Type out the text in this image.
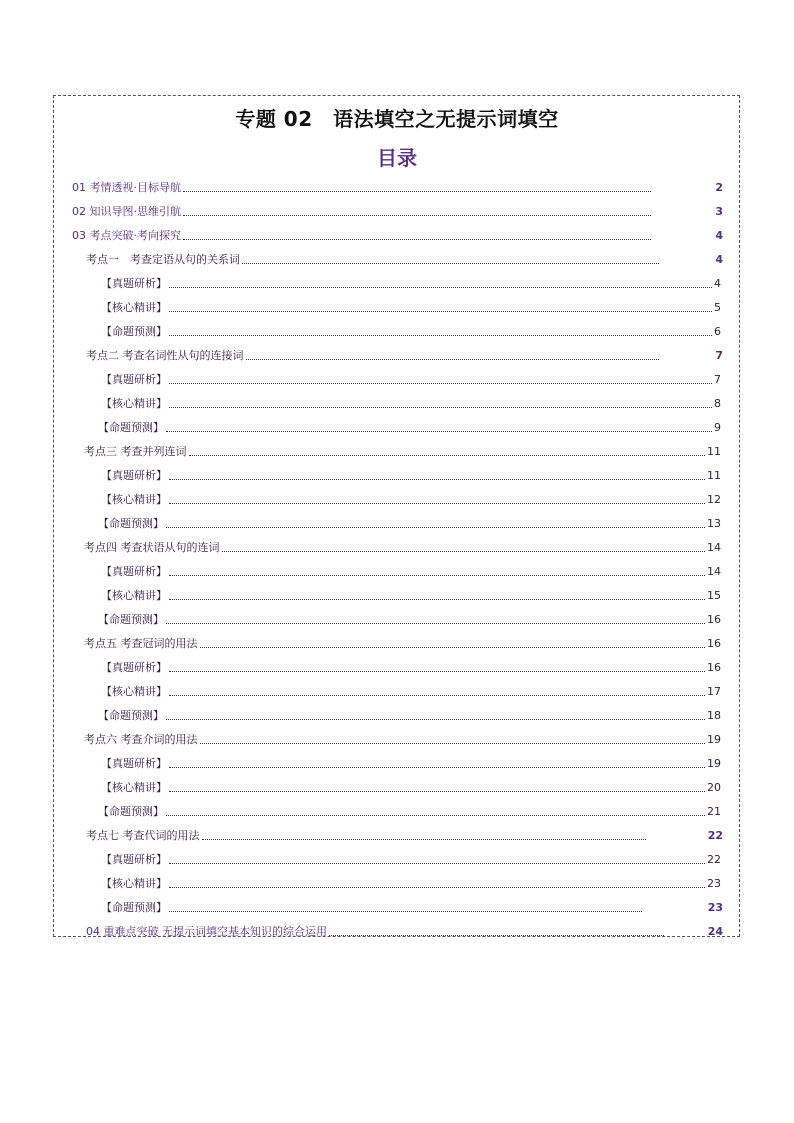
专题 02　语法填空之无提示词填空
目录
01 考情透视·目标导航	2
02 知识导图·思维引航	3
03 考点突破·考向探究	4
考点一　考查定语从句的关系词	4
【真题研析】	4
【核心精讲】	5
【命题预测】	6
考点二 考查名词性从句的连接词	7
【真题研析】	7
【核心精讲】	8
【命题预测】	9
考点三 考查并列连词	11
【真题研析】	11
【核心精讲】	12
【命题预测】	13
考点四 考查状语从句的连词	14
【真题研析】	14
【核心精讲】	15
【命题预测】	16
考点五 考查冠词的用法	16
【真题研析】	16
【核心精讲】	17
【命题预测】	18
考点六 考查介词的用法	19
【真题研析】	19
【核心精讲】	20
【命题预测】	21
考点七 考查代词的用法	22
【真题研析】	22
【核心精讲】	23
【命题预测】	23
04 重难点突破 无提示词填空基本知识的综合运用	24
